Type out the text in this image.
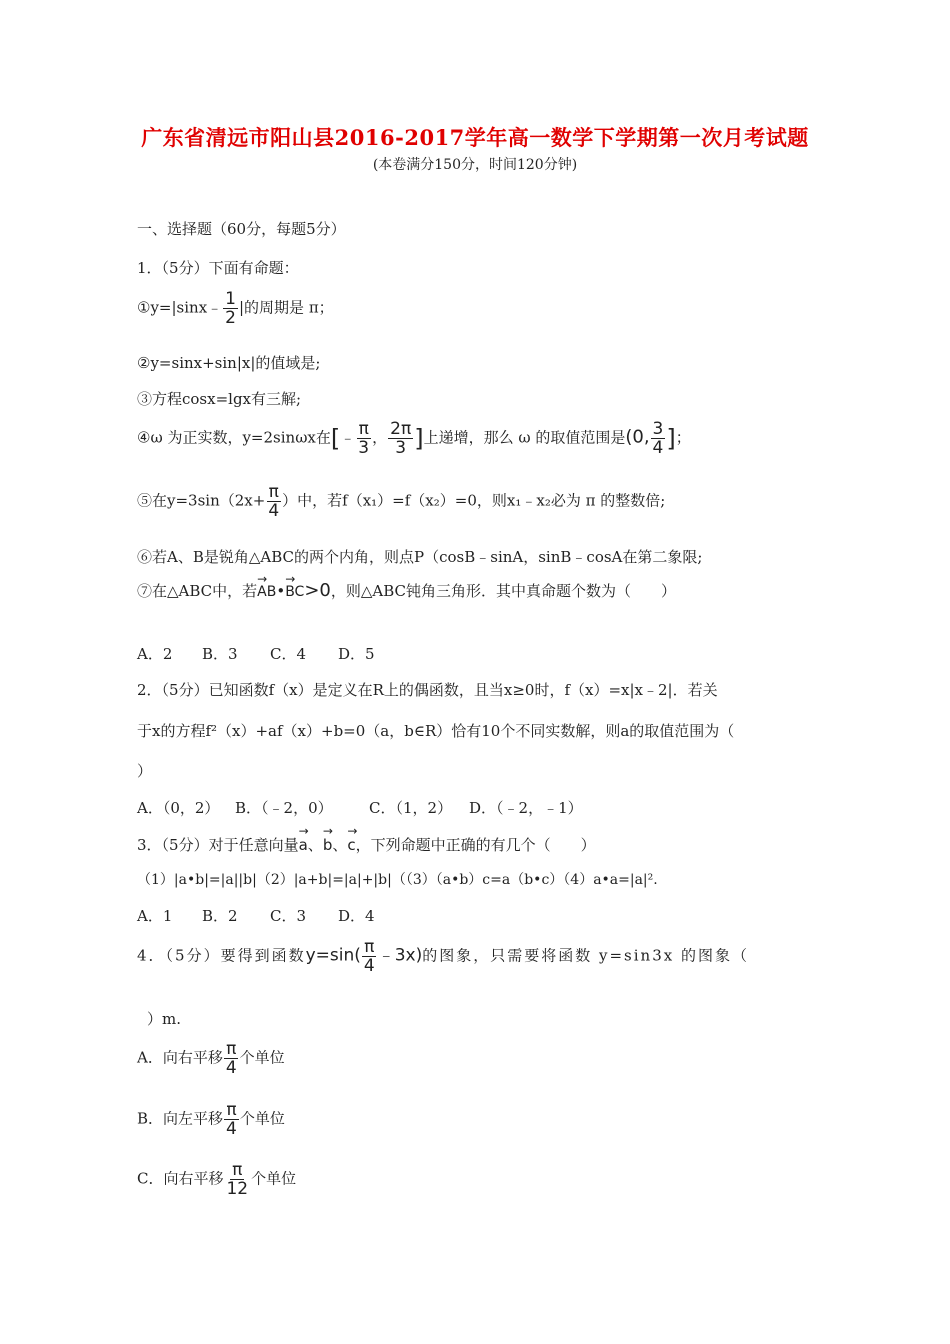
广东省清远市阳山县2016-2017学年高一数学下学期第一次月考试题
(本卷满分150分，时间120分钟)
一、选择题（60分，每题5分）
1．（5分）下面有命题：
①y=|sinx﹣ $\frac{1}{2}$ |的周期是 π；
②y=sinx+sin|x|的值域是;
③方程cosx=lgx有三解;
④ω 为正实数，y=2sinωx在[﹣ $\frac{\pi}{3}$ ， $\frac{2\pi}{3}$ ]上递增，那么 ω 的取值范围是(0, $\frac{3}{4}$ ]；
⑤在$y=3\sin(2x+ \frac{\pi}{4}$ ）中，若f（x₁）=f（x₂）=0，则x₁﹣x₂必为 π 的整数倍;
⑥若A、B是锐角△ABC的两个内角，则点P（cosB﹣sinA，sinB﹣cosA在第二象限;
⑦在△ABC中，若→ AB•→ BC>0，则△ABC钝角三角形．其中真命题个数为（　　）
A．2 B．3 C．4 D．5
2．（5分）已知函数f（x）是定义在R上的偶函数，且当x≥0时，f（x）=x|x﹣2|．若关
于x的方程f²（x）+af（x）+b=0（a，b∈R）恰有10个不同实数解，则a的取值范围为（
）
A．（0，2） B．（﹣2，0） C．（1，2） D．（﹣2，﹣1）
3．（5分）对于任意向量→ a、→ b、→ c，下列命题中正确的有几个（　　）
（1）|a•b|=|a||b|（2）|a+b|=|a|+|b|（（3）（a•b）c=a（b•c）（4）a•a=|a|².
A．1 B．2 C．3 D．4
4．（5分）要得到函数$y=\sin( \frac{\pi}{4}$ ﹣3x)的图象，只需要将函数 y=sin3x 的图象（
）m.
A．向右平移 $\frac{\pi}{4}$ 个单位
B．向左平移 $\frac{\pi}{4}$ 个单位
C．向右平移 $\frac{\pi}{12}$ 个单位
